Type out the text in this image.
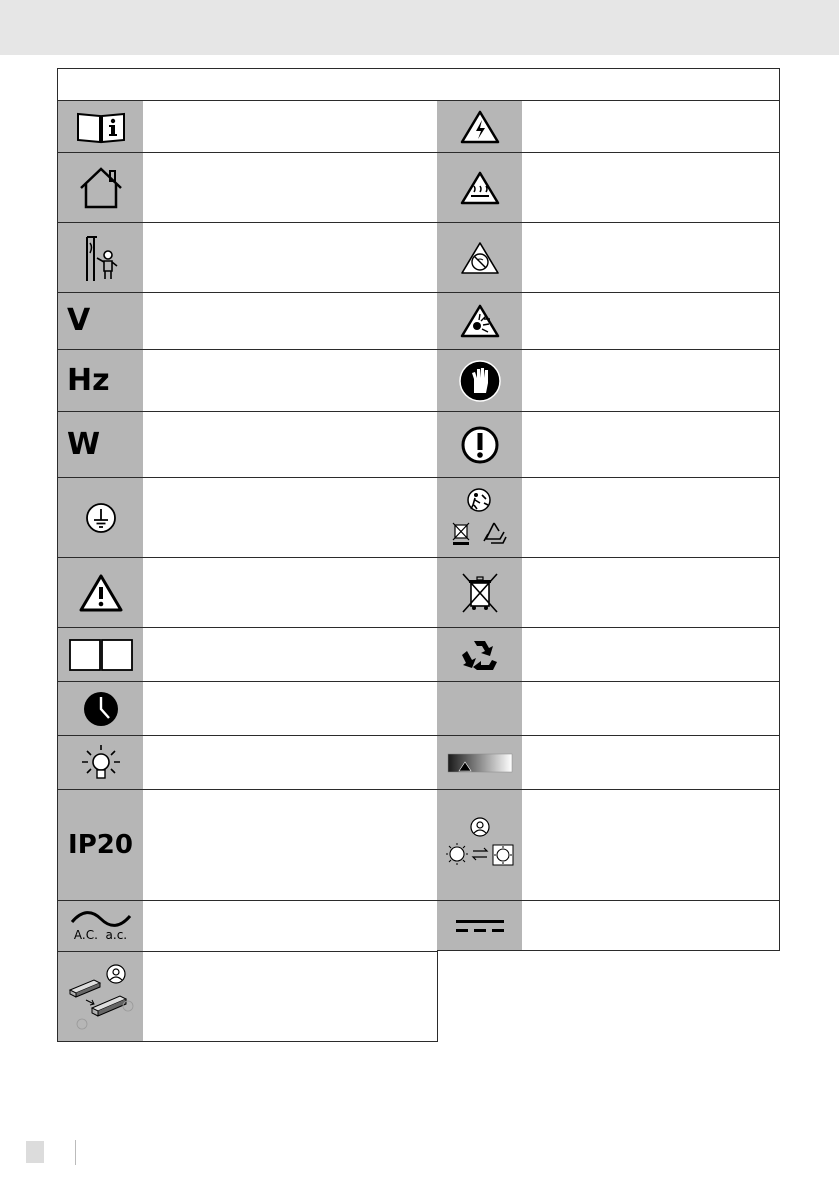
V
Hz
W
IP20
A.C.  a.c.
